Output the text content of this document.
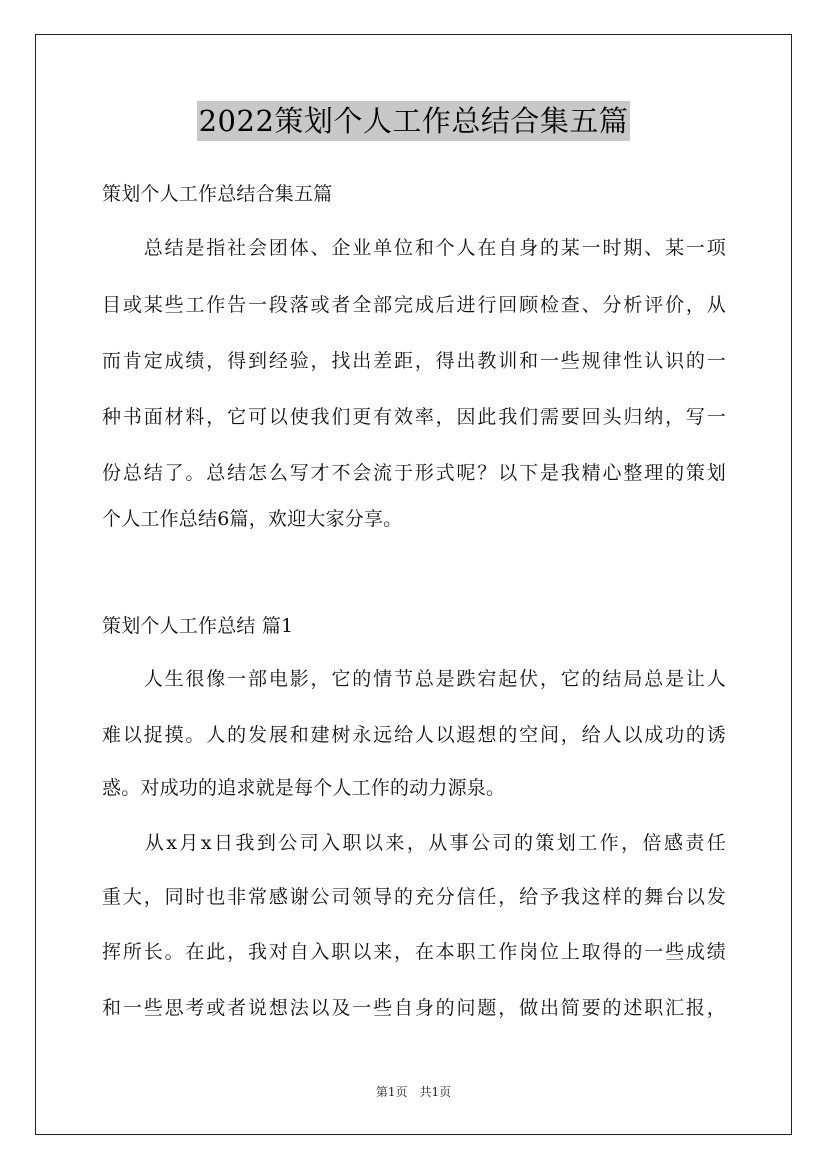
2022策划个人工作总结合集五篇
策划个人工作总结合集五篇
　　总结是指社会团体、企业单位和个人在自身的某一时期、某一项
目或某些工作告一段落或者全部完成后进行回顾检查、分析评价，从
而肯定成绩，得到经验，找出差距，得出教训和一些规律性认识的一
种书面材料，它可以使我们更有效率，因此我们需要回头归纳，写一
份总结了。总结怎么写才不会流于形式呢？以下是我精心整理的策划
个人工作总结6篇，欢迎大家分享。
策划个人工作总结 篇1
　　人生很像一部电影，它的情节总是跌宕起伏，它的结局总是让人
难以捉摸。人的发展和建树永远给人以遐想的空间，给人以成功的诱
惑。对成功的追求就是每个人工作的动力源泉。
　　从x月x日我到公司入职以来，从事公司的策划工作，倍感责任
重大，同时也非常感谢公司领导的充分信任，给予我这样的舞台以发
挥所长。在此，我对自入职以来，在本职工作岗位上取得的一些成绩
和一些思考或者说想法以及一些自身的问题，做出简要的述职汇报，
第1页　共1页
